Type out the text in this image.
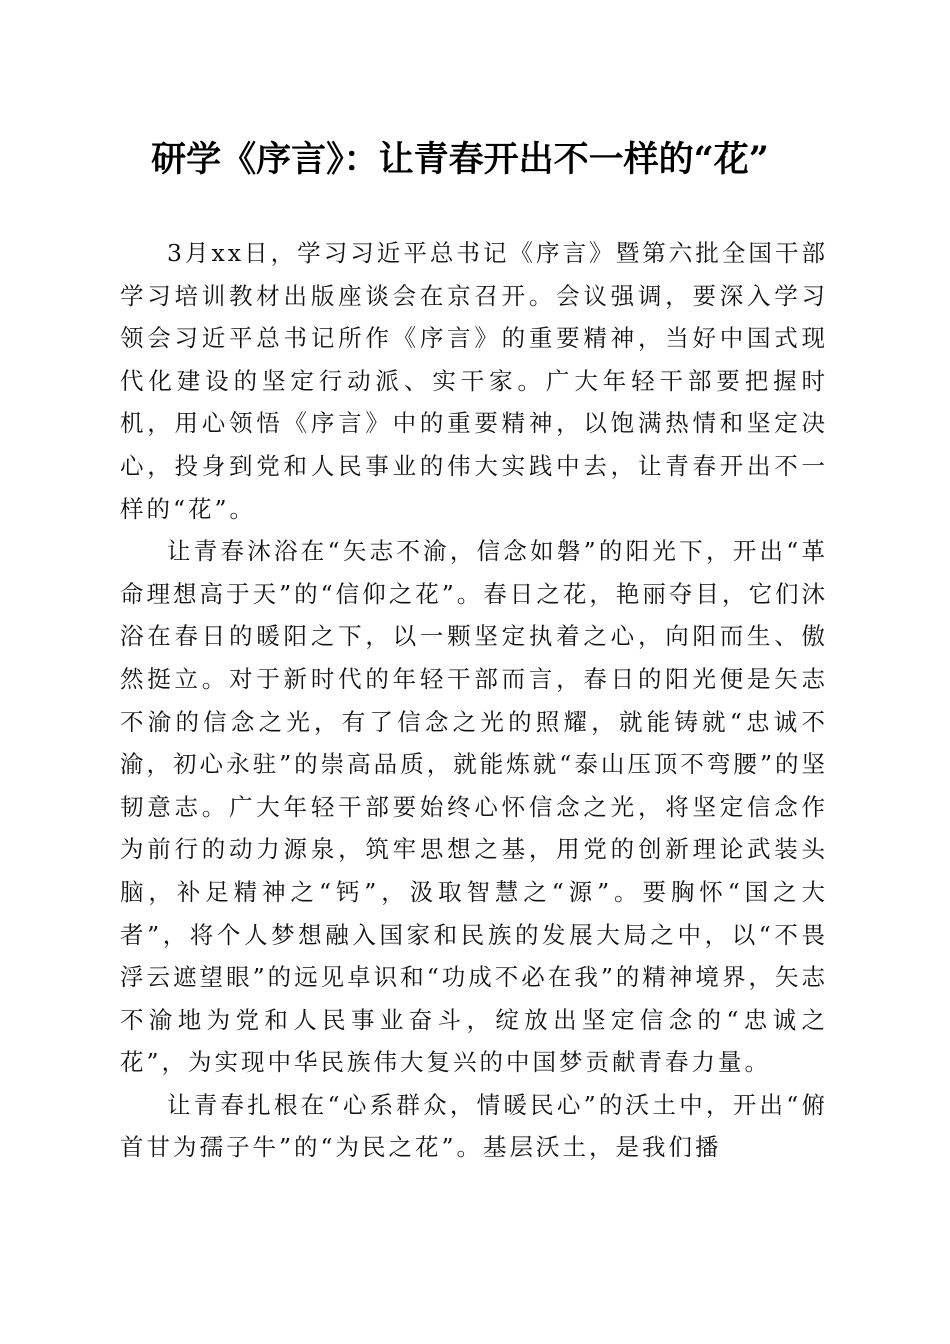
研学《序言》：让青春开出不一样的“花”

3月xx日，学习习近平总书记《序言》暨第六批全国干部学习培训教材出版座谈会在京召开。会议强调，要深入学习领会习近平总书记所作《序言》的重要精神，当好中国式现代化建设的坚定行动派、实干家。广大年轻干部要把握时机，用心领悟《序言》中的重要精神，以饱满热情和坚定决心，投身到党和人民事业的伟大实践中去，让青春开出不一样的“花”。

让青春沐浴在“矢志不渝，信念如磐”的阳光下，开出“革命理想高于天”的“信仰之花”。春日之花，艳丽夺目，它们沐浴在春日的暖阳之下，以一颗坚定执着之心，向阳而生、傲然挺立。对于新时代的年轻干部而言，春日的阳光便是矢志不渝的信念之光，有了信念之光的照耀，就能铸就“忠诚不渝，初心永驻”的崇高品质，就能炼就“泰山压顶不弯腰”的坚韧意志。广大年轻干部要始终心怀信念之光，将坚定信念作为前行的动力源泉，筑牢思想之基，用党的创新理论武装头脑，补足精神之“钙”，汲取智慧之“源”。要胸怀“国之大者”，将个人梦想融入国家和民族的发展大局之中，以“不畏浮云遮望眼”的远见卓识和“功成不必在我”的精神境界，矢志不渝地为党和人民事业奋斗，绽放出坚定信念的“忠诚之花”，为实现中华民族伟大复兴的中国梦贡献青春力量。

让青春扎根在“心系群众，情暖民心”的沃土中，开出“俯首甘为孺子牛”的“为民之花”。基层沃土，是我们播
